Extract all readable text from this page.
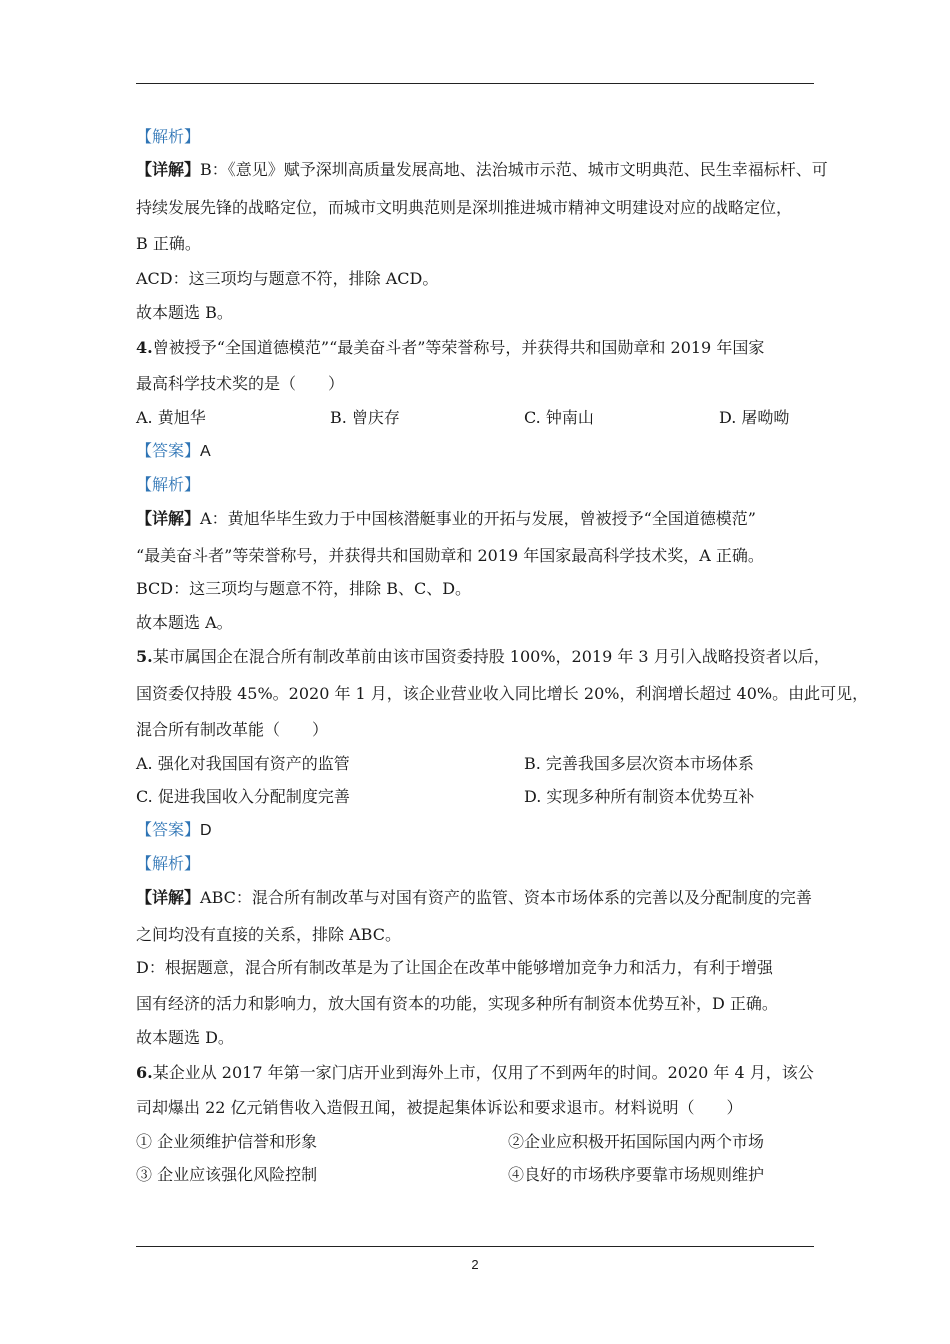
【解析】
【详解】B：《意见》赋予深圳高质量发展高地、法治城市示范、城市文明典范、民生幸福标杆、可
持续发展先锋的战略定位，而城市文明典范则是深圳推进城市精神文明建设对应的战略定位，
B 正确。
ACD：这三项均与题意不符，排除 ACD。
故本题选 B。
4.曾被授予“全国道德模范”“最美奋斗者”等荣誉称号，并获得共和国勋章和 2019 年国家
最高科学技术奖的是（　　）
A. 黄旭华	B. 曾庆存	C. 钟南山	D. 屠呦呦
【答案】A
【解析】
【详解】A：黄旭华毕生致力于中国核潜艇事业的开拓与发展，曾被授予“全国道德模范”
“最美奋斗者”等荣誉称号，并获得共和国勋章和 2019 年国家最高科学技术奖，A 正确。
BCD：这三项均与题意不符，排除 B、C、D。
故本题选 A。
5.某市属国企在混合所有制改革前由该市国资委持股 100%，2019 年 3 月引入战略投资者以后，
国资委仅持股 45%。2020 年 1 月，该企业营业收入同比增长 20%，利润增长超过 40%。由此可见，
混合所有制改革能（　　）
A. 强化对我国国有资产的监管	B. 完善我国多层次资本市场体系
C. 促进我国收入分配制度完善	D. 实现多种所有制资本优势互补
【答案】D
【解析】
【详解】ABC：混合所有制改革与对国有资产的监管、资本市场体系的完善以及分配制度的完善
之间均没有直接的关系，排除 ABC。
D：根据题意，混合所有制改革是为了让国企在改革中能够增加竞争力和活力，有利于增强
国有经济的活力和影响力，放大国有资本的功能，实现多种所有制资本优势互补，D 正确。
故本题选 D。
6.某企业从 2017 年第一家门店开业到海外上市，仅用了不到两年的时间。2020 年 4 月，该公
司却爆出 22 亿元销售收入造假丑闻，被提起集体诉讼和要求退市。材料说明（　　）
① 企业须维护信誉和形象	②企业应积极开拓国际国内两个市场
③ 企业应该强化风险控制	④良好的市场秩序要靠市场规则维护
2
